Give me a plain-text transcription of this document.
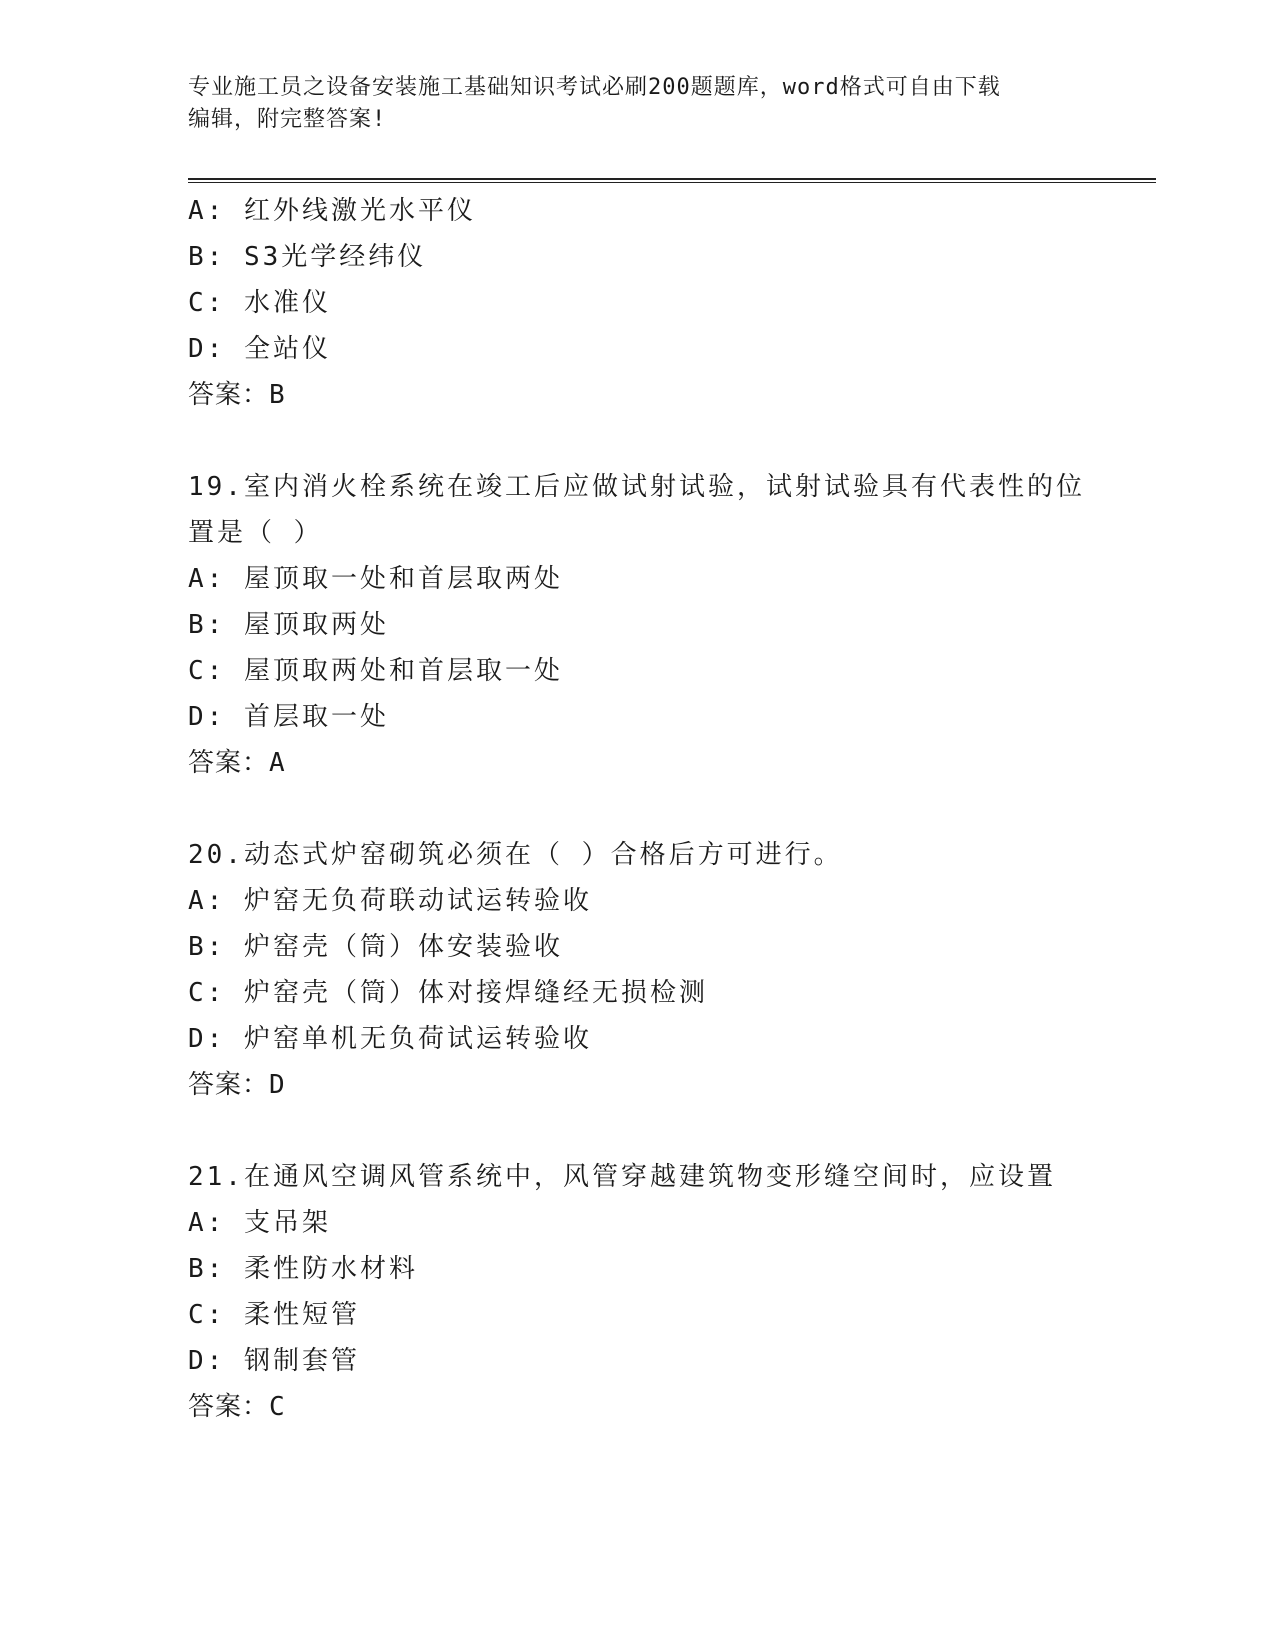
专业施工员之设备安装施工基础知识考试必刷200题题库，word格式可自由下载
编辑，附完整答案!
A: 红外线激光水平仪
B: S3光学经纬仪
C: 水准仪
D: 全站仪
答案：B
19.室内消火栓系统在竣工后应做试射试验，试射试验具有代表性的位
置是（ ）
A: 屋顶取一处和首层取两处
B: 屋顶取两处
C: 屋顶取两处和首层取一处
D: 首层取一处
答案：A
20.动态式炉窑砌筑必须在（ ）合格后方可进行。
A: 炉窑无负荷联动试运转验收
B: 炉窑壳（筒）体安装验收
C: 炉窑壳（筒）体对接焊缝经无损检测
D: 炉窑单机无负荷试运转验收
答案：D
21.在通风空调风管系统中，风管穿越建筑物变形缝空间时，应设置
A: 支吊架
B: 柔性防水材料
C: 柔性短管
D: 钢制套管
答案：C
